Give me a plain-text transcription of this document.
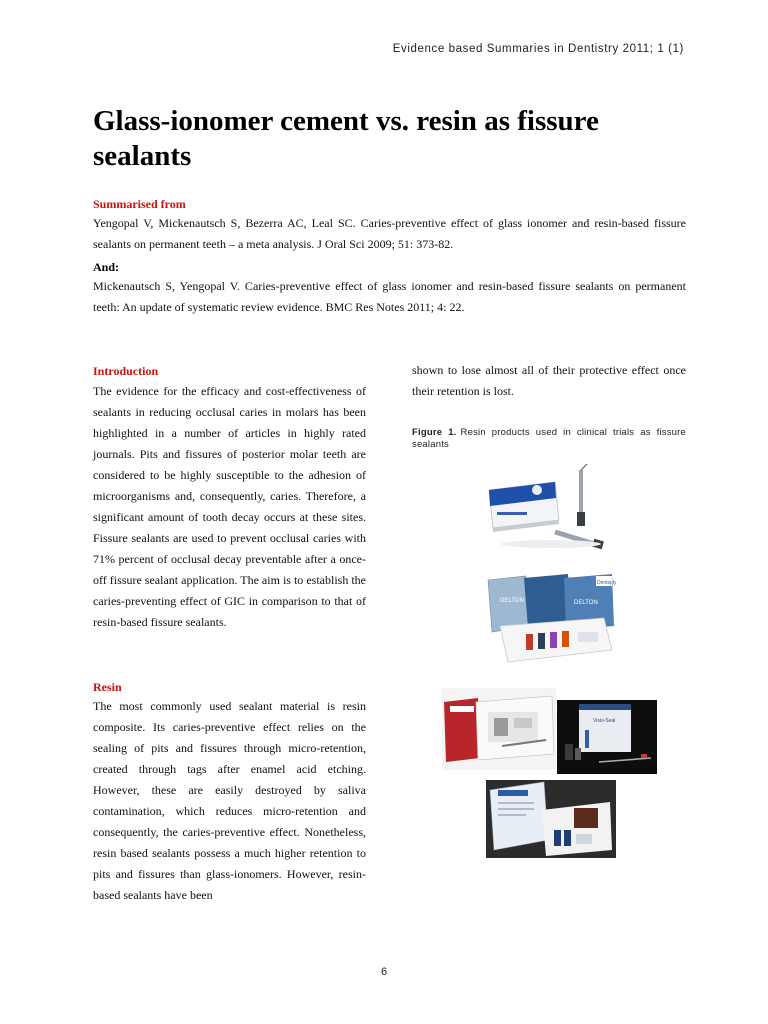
Evidence based Summaries in Dentistry 2011; 1 (1)
Glass-ionomer cement vs. resin as fissure sealants
Summarised from

Yengopal V, Mickenautsch S, Bezerra AC, Leal SC. Caries-preventive effect of glass ionomer and resin-based fissure sealants on permanent teeth – a meta analysis. J Oral Sci 2009; 51: 373-82.

And:

Mickenautsch S, Yengopal V. Caries-preventive effect of glass ionomer and resin-based fissure sealants on permanent teeth: An update of systematic review evidence. BMC Res Notes 2011; 4: 22.

Introduction

The evidence for the efficacy and cost-effectiveness of sealants in reducing occlusal caries in molars has been highlighted in a number of articles in highly rated journals. Pits and fissures of posterior molar teeth are considered to be highly susceptible to the adhesion of microorganisms and, consequently, caries. Therefore, a significant amount of tooth decay occurs at these sites. Fissure sealants are used to prevent occlusal caries with 71% percent of occlusal decay preventable after a once-off fissure sealant application. The aim is to establish the caries-preventing effect of GIC in comparison to that of resin-based fissure sealants.

Resin

The most commonly used sealant material is resin composite. Its caries-preventive effect relies on the sealing of pits and fissures through micro-retention, created through tags after enamel acid etching. However, these are easily destroyed by saliva contamination, which reduces micro-retention and consequently, the caries-preventive effect. Nonetheless, resin based sealants possess a much higher retention to pits and fissures than glass-ionomers. However, resin-based sealants have been

shown to lose almost all of their protective effect once their retention is lost.

Figure 1. Resin products used in clinical trials as fissure sealants
DELTON	DELTON
Dentsply
Visio‑Seal
6
